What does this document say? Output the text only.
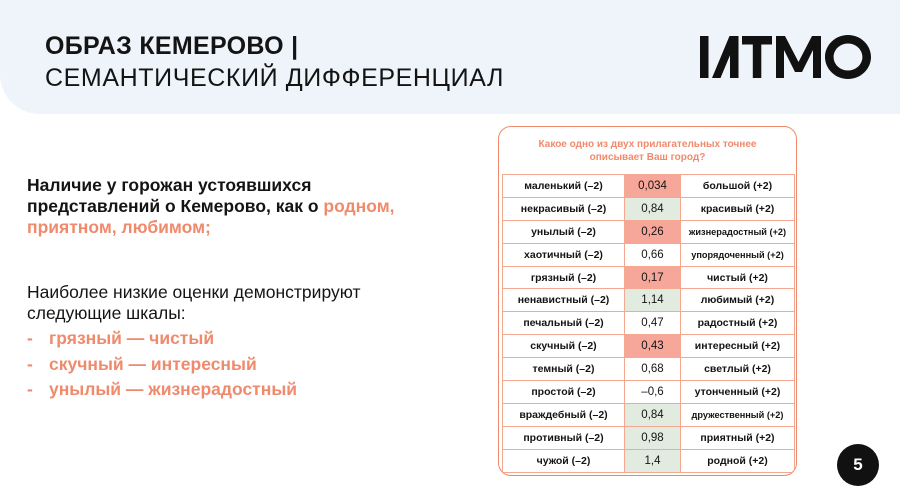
ОБРАЗ КЕМЕРОВО |
СЕМАНТИЧЕСКИЙ ДИФФЕРЕНЦИАЛ

Наличие у горожан устоявшихся представлений о Кемерово, как о родном, приятном, любимом;

Наиболее низкие оценки демонстрируют следующие шкалы:

- грязный — чистый
- скучный — интересный
- унылый — жизнерадостный
Какое одно из двух прилагательных точнее описывает Ваш город?
маленький (–2)	0,034	большой (+2)
некрасивый (–2)	0,84	красивый (+2)
унылый (–2)	0,26	жизнерадостный (+2)
хаотичный (–2)	0,66	упорядоченный (+2)
грязный (–2)	0,17	чистый (+2)
ненавистный (–2)	1,14	любимый (+2)
печальный (–2)	0,47	радостный (+2)
скучный (–2)	0,43	интересный (+2)
темный (–2)	0,68	светлый (+2)
простой (–2)	–0,6	утонченный (+2)
враждебный (–2)	0,84	дружественный (+2)
противный (–2)	0,98	приятный (+2)
чужой (–2)	1,4	родной (+2)	5
